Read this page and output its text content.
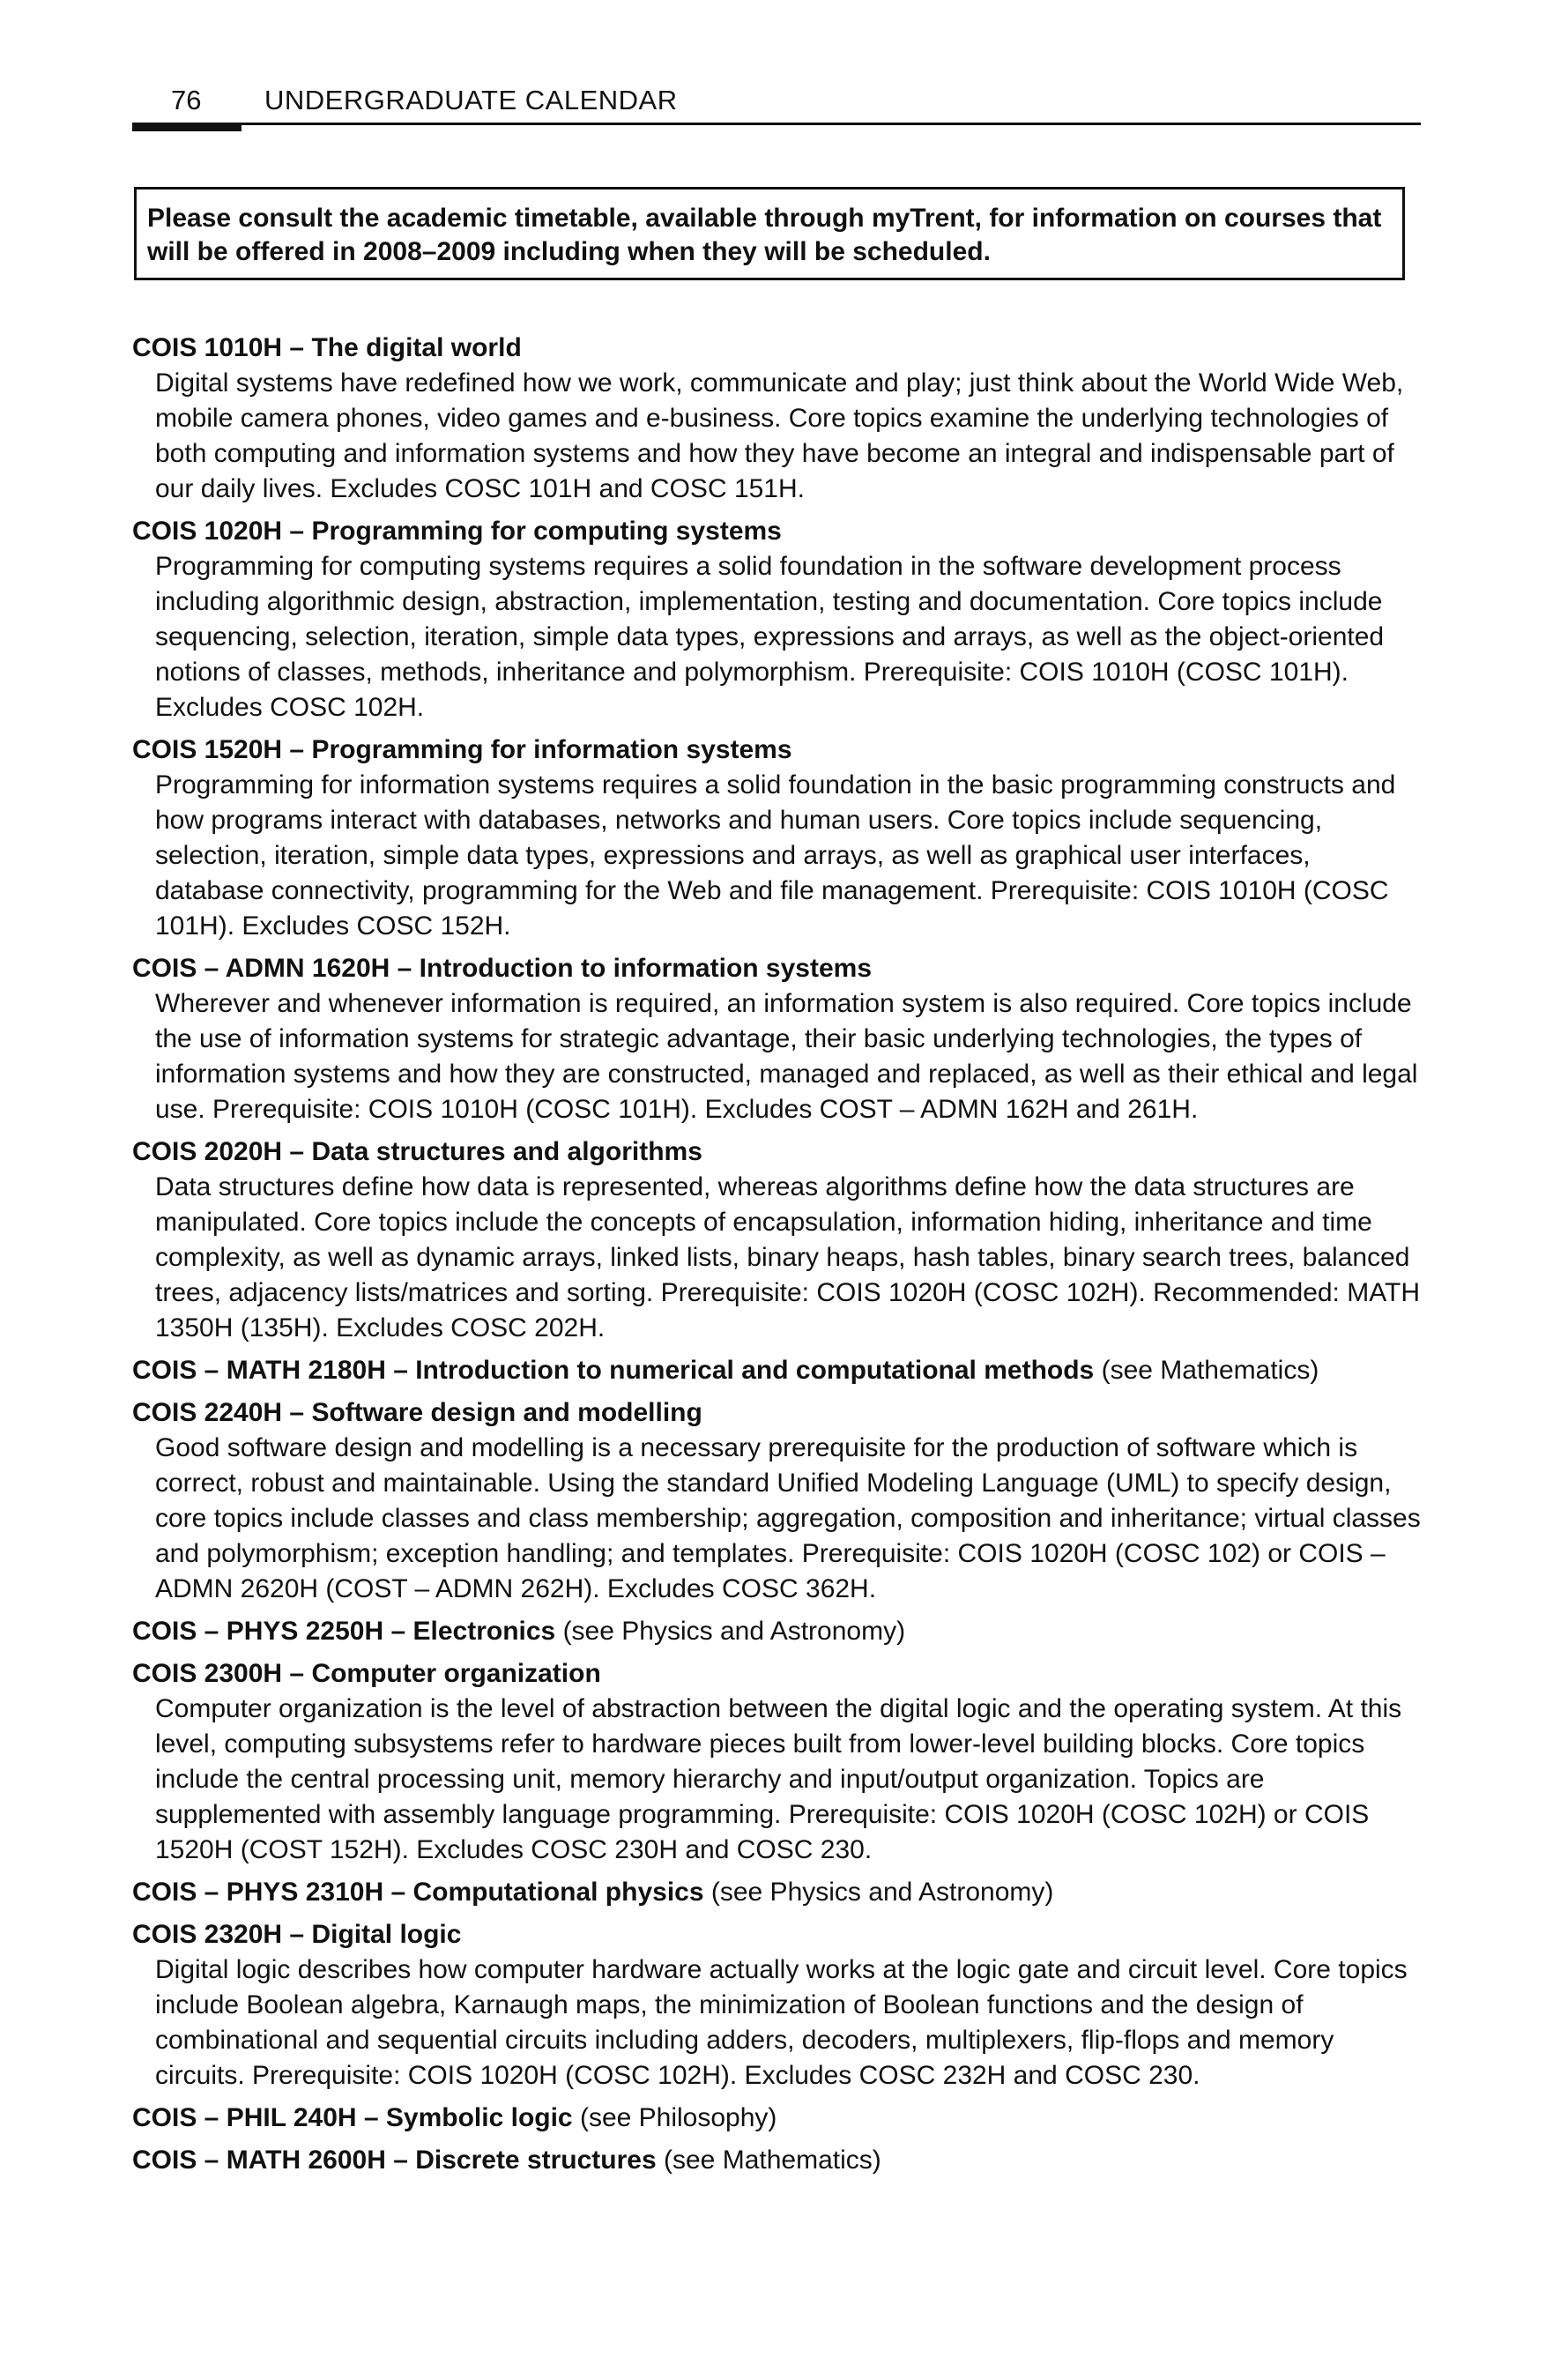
76 UNDERGRADUATE CALENDAR

Please consult the academic timetable, available through myTrent, for information on courses that will be offered in 2008–2009 including when they will be scheduled.

COIS 1010H – The digital world

Digital systems have redefined how we work, communicate and play; just think about the World Wide Web, mobile camera phones, video games and e-business. Core topics examine the underlying technologies of both computing and information systems and how they have become an integral and indispensable part of our daily lives. Excludes COSC 101H and COSC 151H.

COIS 1020H – Programming for computing systems

Programming for computing systems requires a solid foundation in the software development process including algorithmic design, abstraction, implementation, testing and documentation. Core topics include sequencing, selection, iteration, simple data types, expressions and arrays, as well as the object-oriented notions of classes, methods, inheritance and polymorphism. Prerequisite: COIS 1010H (COSC 101H). Excludes COSC 102H.

COIS 1520H – Programming for information systems

Programming for information systems requires a solid foundation in the basic programming constructs and how programs interact with databases, networks and human users. Core topics include sequencing, selection, iteration, simple data types, expressions and arrays, as well as graphical user interfaces, database connectivity, programming for the Web and file management. Prerequisite: COIS 1010H (COSC 101H). Excludes COSC 152H.

COIS – ADMN 1620H – Introduction to information systems

Wherever and whenever information is required, an information system is also required. Core topics include the use of information systems for strategic advantage, their basic underlying technologies, the types of information systems and how they are constructed, managed and replaced, as well as their ethical and legal use. Prerequisite: COIS 1010H (COSC 101H). Excludes COST – ADMN 162H and 261H.

COIS 2020H – Data structures and algorithms

Data structures define how data is represented, whereas algorithms define how the data structures are manipulated. Core topics include the concepts of encapsulation, information hiding, inheritance and time complexity, as well as dynamic arrays, linked lists, binary heaps, hash tables, binary search trees, balanced trees, adjacency lists/matrices and sorting. Prerequisite: COIS 1020H (COSC 102H). Recommended: MATH 1350H (135H). Excludes COSC 202H.

COIS – MATH 2180H – Introduction to numerical and computational methods (see Mathematics)

COIS 2240H – Software design and modelling

Good software design and modelling is a necessary prerequisite for the production of software which is correct, robust and maintainable. Using the standard Unified Modeling Language (UML) to specify design, core topics include classes and class membership; aggregation, composition and inheritance; virtual classes and polymorphism; exception handling; and templates. Prerequisite: COIS 1020H (COSC 102) or COIS – ADMN 2620H (COST – ADMN 262H). Excludes COSC 362H.

COIS – PHYS 2250H – Electronics (see Physics and Astronomy)

COIS 2300H – Computer organization

Computer organization is the level of abstraction between the digital logic and the operating system. At this level, computing subsystems refer to hardware pieces built from lower-level building blocks. Core topics include the central processing unit, memory hierarchy and input/output organization. Topics are supplemented with assembly language programming. Prerequisite: COIS 1020H (COSC 102H) or COIS 1520H (COST 152H). Excludes COSC 230H and COSC 230.

COIS – PHYS 2310H – Computational physics (see Physics and Astronomy)

COIS 2320H – Digital logic

Digital logic describes how computer hardware actually works at the logic gate and circuit level. Core topics include Boolean algebra, Karnaugh maps, the minimization of Boolean functions and the design of combinational and sequential circuits including adders, decoders, multiplexers, flip-flops and memory circuits. Prerequisite: COIS 1020H (COSC 102H). Excludes COSC 232H and COSC 230.

COIS – PHIL 240H – Symbolic logic (see Philosophy)

COIS – MATH 2600H – Discrete structures (see Mathematics)
